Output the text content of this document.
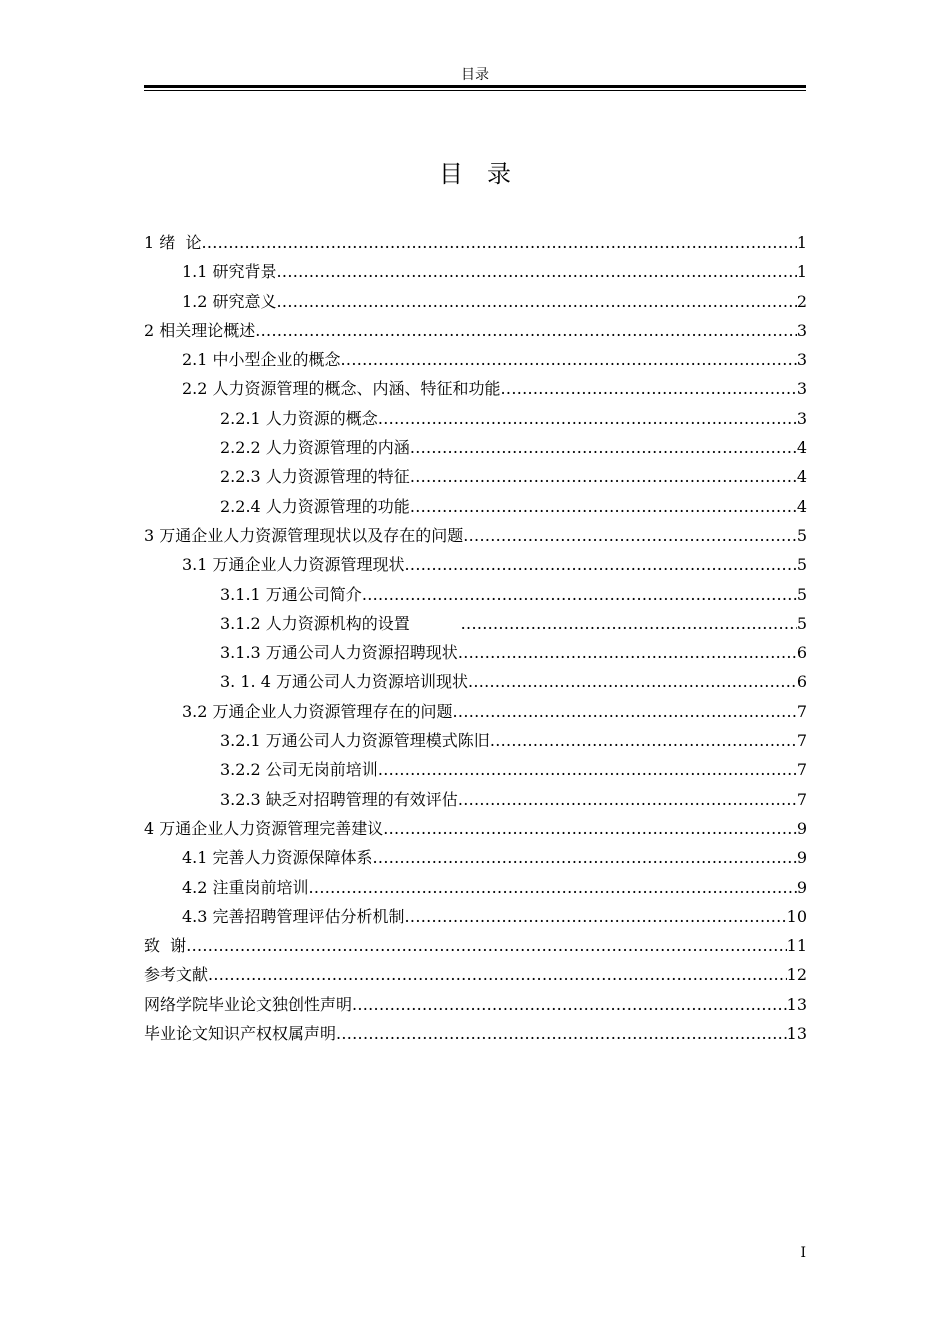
目录
目　录
1 绪  论 .....	1
1.1 研究背景 .....	1
1.2 研究意义 .....	2
2 相关理论概述 .....	3
2.1 中小型企业的概念 .....	3
2.2 人力资源管理的概念、内涵、特征和功能 .....	3
2.2.1 人力资源的概念 .....	3
2.2.2 人力资源管理的内涵 .....	4
2.2.3 人力资源管理的特征 .....	4
2.2.4 人力资源管理的功能 .....	4
3 万通企业人力资源管理现状以及存在的问题 .....	5
3.1 万通企业人力资源管理现状 .....	5
3.1.1 万通公司简介 .....	5
3.1.2 人力资源机构的设置 .....	5
3.1.3 万通公司人力资源招聘现状 .....	6
3. 1. 4 万通公司人力资源培训现状 .....	6
3.2 万通企业人力资源管理存在的问题 .....	7
3.2.1 万通公司人力资源管理模式陈旧 .....	7
3.2.2 公司无岗前培训 .....	7
3.2.3 缺乏对招聘管理的有效评估 .....	7
4 万通企业人力资源管理完善建议 .....	9
4.1 完善人力资源保障体系 .....	9
4.2 注重岗前培训 .....	9
4.3 完善招聘管理评估分析机制 .....	10
致  谢 .....	11
参考文献 .....	12
网络学院毕业论文独创性声明 .....	13
毕业论文知识产权权属声明 .....	13
I
